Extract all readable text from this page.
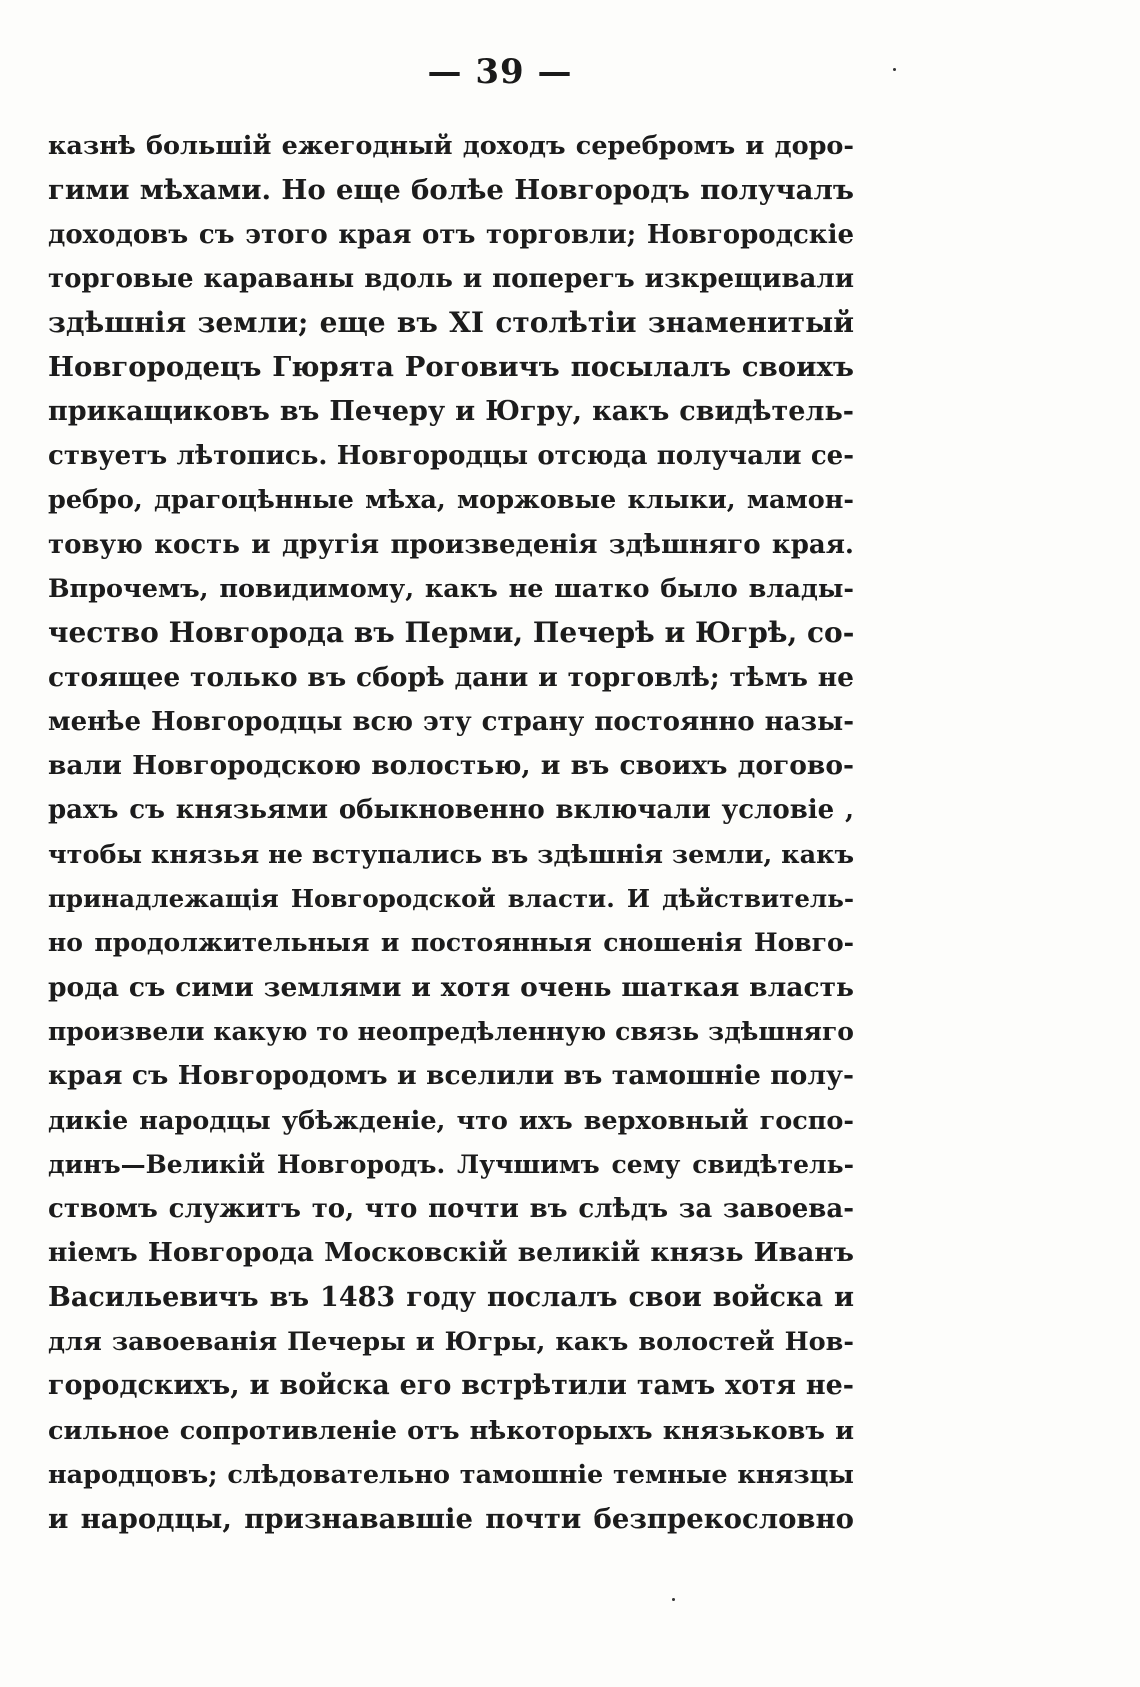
— 39 —
казнѣ большій ежегодный доходъ серебромъ и доро-
гими мѣхами. Но еще болѣе Новгородъ получалъ
доходовъ съ этого края отъ торговли; Новгородскіе
торговые караваны вдоль и поперегъ изкрещивали
здѣшнія земли; еще въ XI столѣтіи знаменитый
Новгородецъ Гюрята Роговичъ посылалъ своихъ
прикащиковъ въ Печеру и Югру, какъ свидѣтель-
ствуетъ лѣтопись. Новгородцы отсюда получали се-
ребро, драгоцѣнные мѣха, моржовые клыки, мамон-
товую кость и другія произведенія здѣшняго края.
Впрочемъ, повидимому, какъ не шатко было влады-
чество Новгорода въ Перми, Печерѣ и Югрѣ, со-
стоящее только въ сборѣ дани и торговлѣ; тѣмъ не
менѣе Новгородцы всю эту страну постоянно назы-
вали Новгородскою волостью, и въ своихъ догово-
рахъ съ князьями обыкновенно включали условіе ,
чтобы князья не вступались въ здѣшнія земли, какъ
принадлежащія Новгородской власти. И дѣйствитель-
но продолжительныя и постоянныя сношенія Новго-
рода съ сими землями и хотя очень шаткая власть
произвели какую то неопредѣленную связь здѣшняго
края съ Новгородомъ и вселили въ тамошніе полу-
дикіе народцы убѣжденіе, что ихъ верховный госпо-
динъ—Великій Новгородъ. Лучшимъ сему свидѣтель-
ствомъ служитъ то, что почти въ слѣдъ за завоева-
ніемъ Новгорода Московскій великій князь Иванъ
Васильевичъ въ 1483 году послалъ свои войска и
для завоеванія Печеры и Югры, какъ волостей Нов-
городскихъ, и войска его встрѣтили тамъ хотя не-
сильное сопротивленіе отъ нѣкоторыхъ князьковъ и
народцовъ; слѣдовательно тамошніе темные князцы
и народцы, признававшіе почти безпрекословно
